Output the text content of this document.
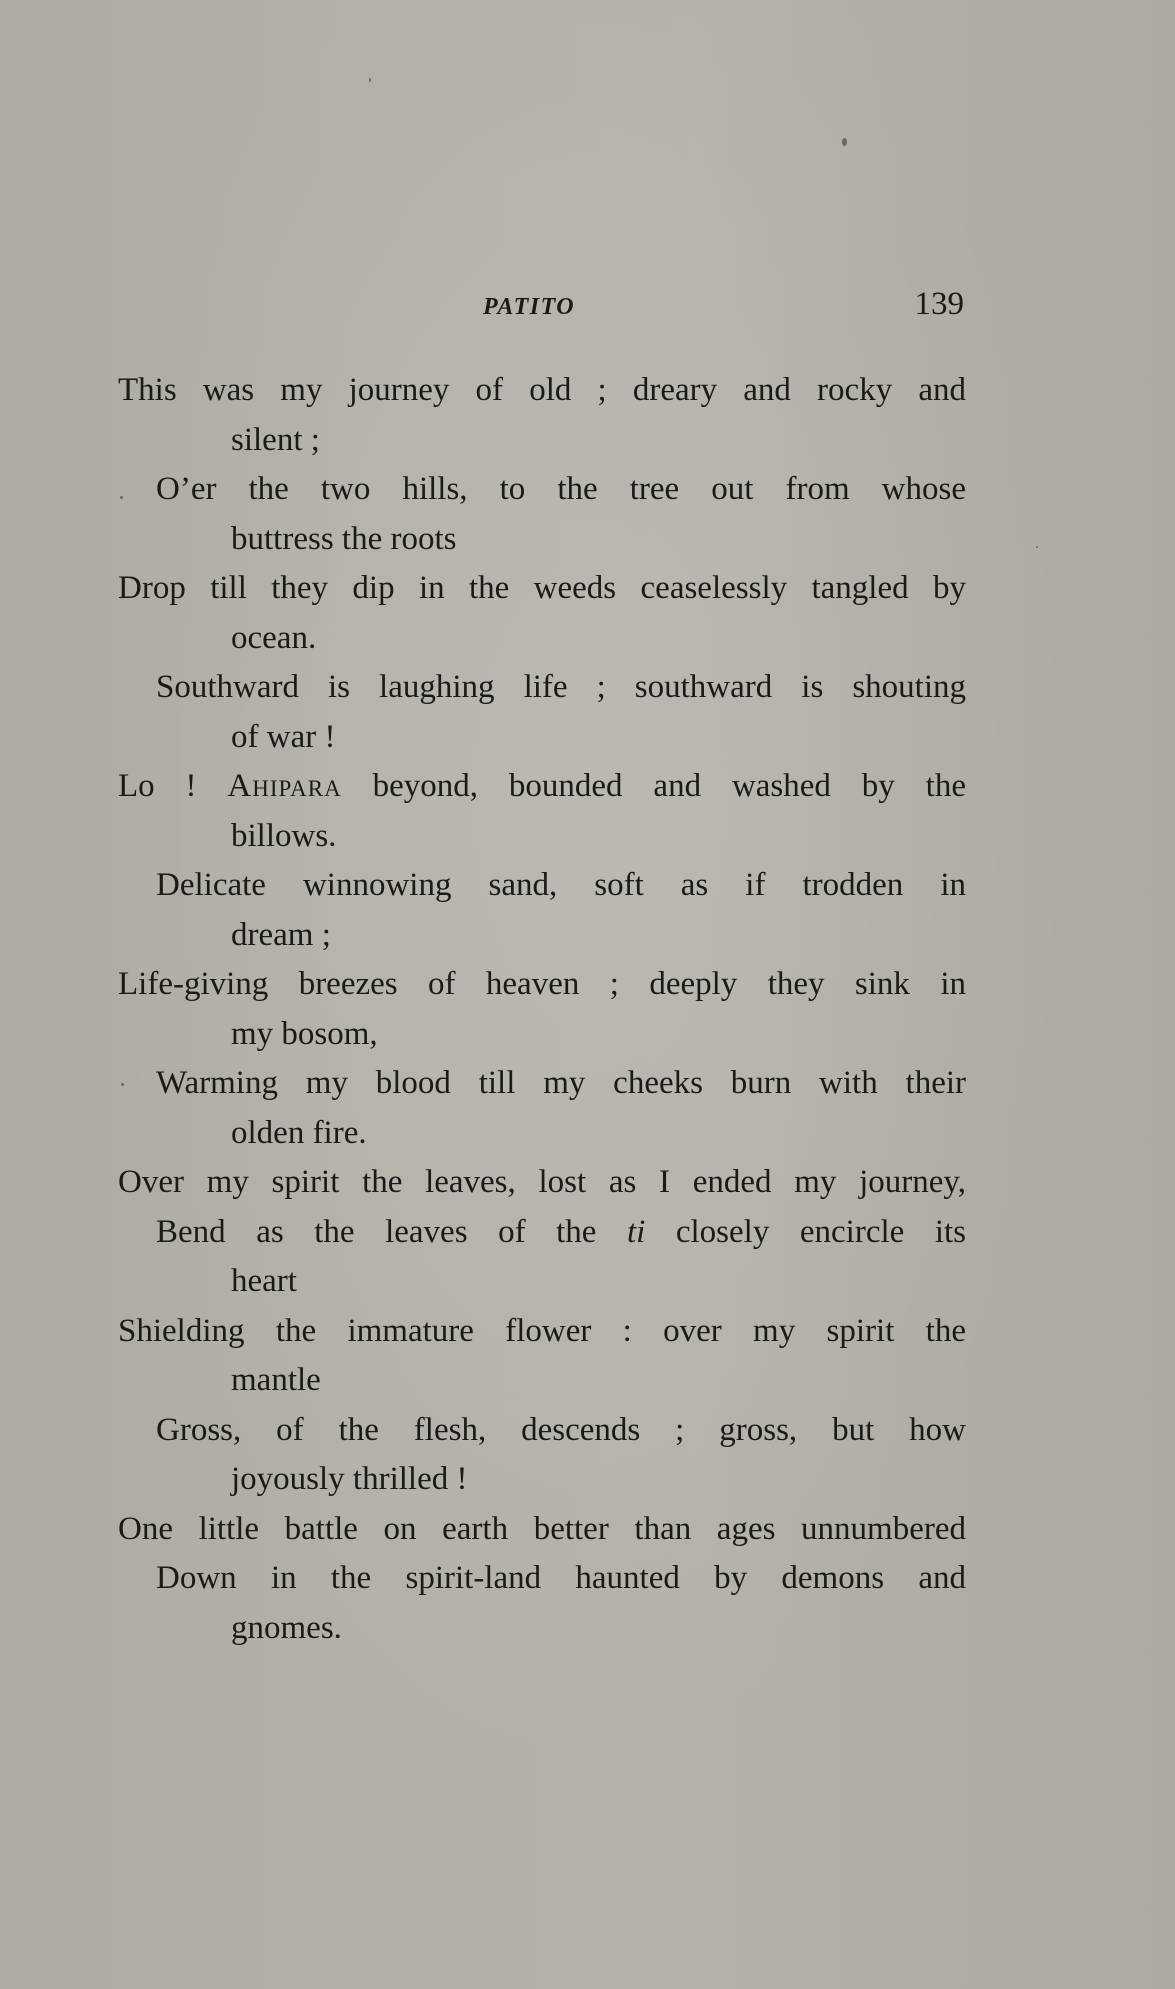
PATITO	139
This was my journey of old ; dreary and rocky and
silent ;
O’er the two hills, to the tree out from whose
buttress the roots
Drop till they dip in the weeds ceaselessly tangled by
ocean.
Southward is laughing life ; southward is shouting
of war !
Lo ! Ahipara beyond, bounded and washed by the
billows.
Delicate winnowing sand, soft as if trodden in
dream ;
Life-giving breezes of heaven ; deeply they sink in
my bosom,
Warming my blood till my cheeks burn with their
olden fire.
Over my spirit the leaves, lost as I ended my journey,
Bend as the leaves of the ti closely encircle its
heart
Shielding the immature flower : over my spirit the
mantle
Gross, of the flesh, descends ; gross, but how
joyously thrilled !
One little battle on earth better than ages unnumbered
Down in the spirit-land haunted by demons and
gnomes.
